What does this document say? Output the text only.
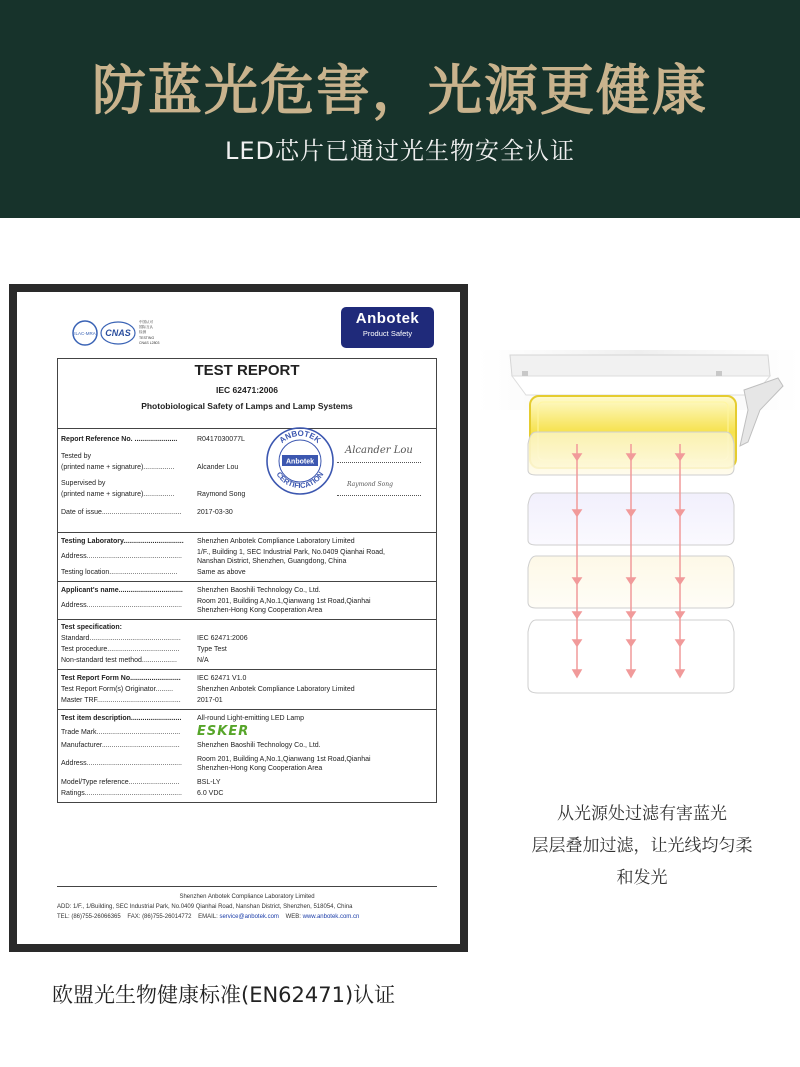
防蓝光危害，光源更健康
LED芯片已通过光生物安全认证
ILAC-MRA CNAS
中国认可
国际互认
检测
TESTING
CNAS L2803
Anbotek
Product Safety
TEST REPORT
IEC 62471:2006
Photobiological Safety of Lamps and Lamp Systems
Report Reference No. ......................	R0417030077L
Tested by
(printed name + signature)................	Alcander Lou
Supervised by
(printed name + signature)................	Raymond Song
Date of issue.........................................	2017-03-30
Testing Laboratory...............................	Shenzhen Anbotek Compliance Laboratory Limited
Address.................................................
1/F., Building 1, SEC Industrial Park, No.0409 Qianhai Road,
Nanshan District, Shenzhen, Guangdong, China
Testing location...................................	Same as above
Applicant's name.................................	Shenzhen Baoshili Technology Co., Ltd.
Address.................................................
Room 201, Building A,No.1,Qianwang 1st Road,Qianhai
Shenzhen-Hong Kong Cooperation Area
Test specification:
Standard...............................................	IEC 62471:2006
Test procedure.....................................	Type Test
Non-standard test method..................	N/A
Test Report Form No..........................	IEC 62471 V1.0
Test Report Form(s) Originator.........	Shenzhen Anbotek Compliance Laboratory Limited
Master TRF...........................................	2017-01
Test item description..........................	All-round Light-emitting LED Lamp
Trade Mark...........................................	ESKER
Manufacturer........................................	Shenzhen Baoshili Technology Co., Ltd.
Address.................................................
Room 201, Building A,No.1,Qianwang 1st Road,Qianhai
Shenzhen-Hong Kong Cooperation Area
Model/Type reference..........................	BSL-LY
Ratings..................................................	6.0 VDC
ANBOTEK
Anbotek
CERTIFICATION
Alcander Lou
Raymond Song
Shenzhen Anbotek Compliance Laboratory Limited
ADD: 1/F., 1/Building, SEC Industrial Park, No.0409 Qianhai Road, Nanshan District, Shenzhen, 518054, China
TEL: (86)755-26066365 FAX: (86)755-26014772 EMAIL: service@anbotek.com WEB: www.anbotek.com.cn
欧盟光生物健康标准(EN62471)认证
从光源处过滤有害蓝光
层层叠加过滤，让光线均匀柔
和发光
